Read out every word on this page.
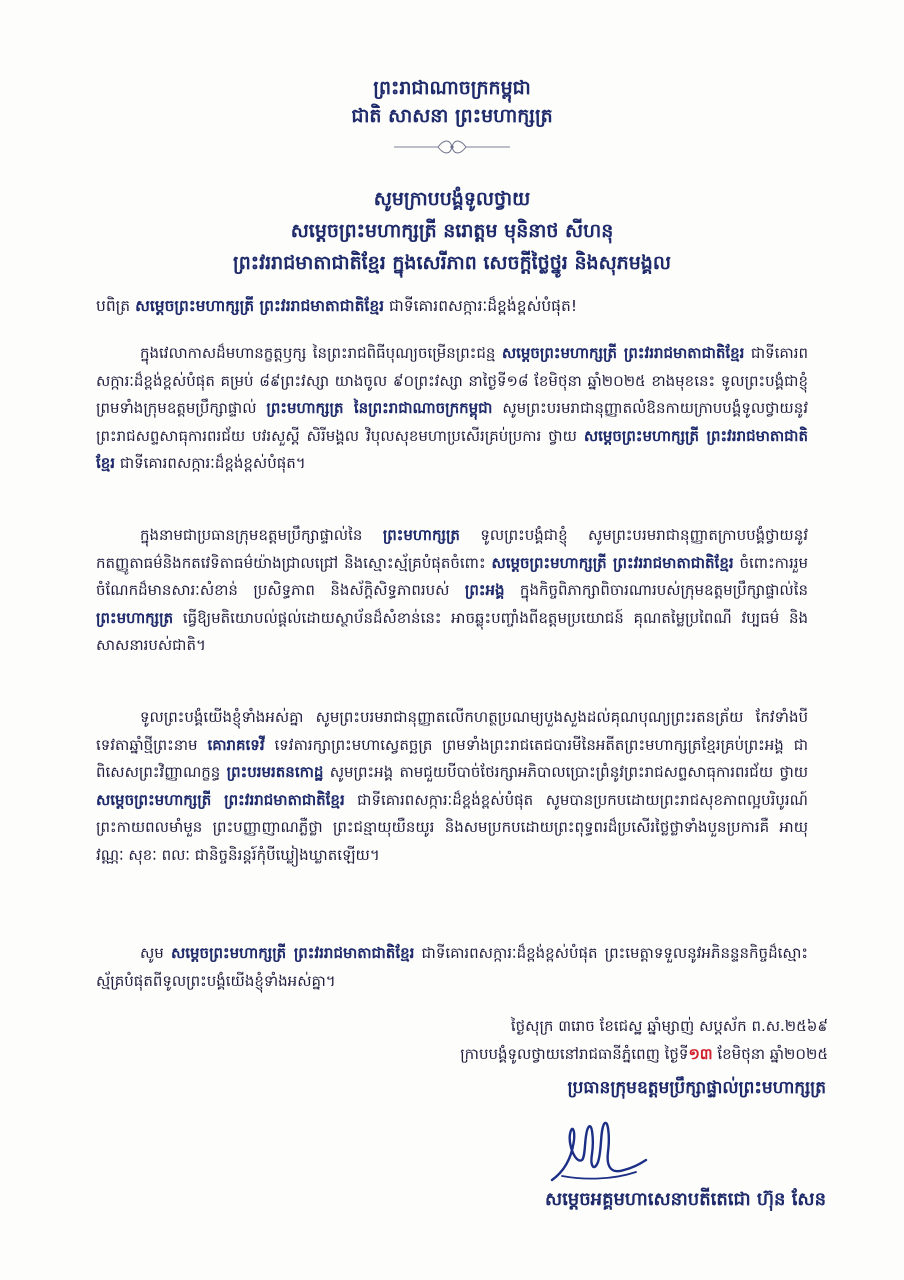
ព្រះរាជាណាចក្រកម្ពុជា
ជាតិ សាសនា ព្រះមហាក្សត្រ
សូមក្រាបបង្គំទូលថ្វាយ
សម្តេចព្រះមហាក្សត្រី នរោត្តម មុនិនាថ សីហនុ
ព្រះវររាជមាតាជាតិខ្មែរ ក្នុងសេរីភាព សេចក្តីថ្លៃថ្នូរ និងសុភមង្គល
បពិត្រ សម្តេចព្រះមហាក្សត្រី ព្រះវររាជមាតាជាតិខ្មែរ ជាទីគោរពសក្ការៈដ៏ខ្ពង់ខ្ពស់បំផុត!
ក្នុងវេលាកាសដ៏មហានក្ខត្តឫក្ស នៃព្រះរាជពិធីបុណ្យចម្រើនព្រះជន្ម សម្តេចព្រះមហាក្សត្រី ព្រះវររាជមាតាជាតិខ្មែរ ជាទីគោរពសក្ការៈដ៏ខ្ពង់ខ្ពស់បំផុត គម្រប់ ៨៩ព្រះវស្សា យាងចូល ៩០ព្រះវស្សា នាថ្ងៃទី១៨ ខែមិថុនា ឆ្នាំ២០២៥ ខាងមុខនេះ ទូលព្រះបង្គំជាខ្ញុំ ព្រមទាំងក្រុមឧត្តមប្រឹក្សាផ្ទាល់ ព្រះមហាក្សត្រ នៃព្រះរាជាណាចក្រកម្ពុជា សូមព្រះបរមរាជានុញ្ញាតលំឱនកាយក្រាបបង្គំទូលថ្វាយនូវព្រះរាជសព្ទសាធុការពរជ័យ បវរសួស្តី សិរីមង្គល វិបុលសុខមហាប្រសើរគ្រប់ប្រការ ថ្វាយ សម្តេចព្រះមហាក្សត្រី ព្រះវររាជមាតាជាតិខ្មែរ ជាទីគោរពសក្ការៈដ៏ខ្ពង់ខ្ពស់បំផុត។
ក្នុងនាមជាប្រធានក្រុមឧត្តមប្រឹក្សាផ្ទាល់នៃ ព្រះមហាក្សត្រ ទូលព្រះបង្គំជាខ្ញុំ សូមព្រះបរមរាជានុញ្ញាតក្រាបបង្គំថ្វាយនូវកតញ្ញូតាធម៌និងកតវេទិតាធម៌យ៉ាងជ្រាលជ្រៅ និងស្មោះស្ម័គ្របំផុតចំពោះ សម្តេចព្រះមហាក្សត្រី ព្រះវររាជមាតាជាតិខ្មែរ ចំពោះការរួមចំណែកដ៏មានសារៈសំខាន់ ប្រសិទ្ធភាព និងស័ក្តិសិទ្ធភាពរបស់ ព្រះអង្គ ក្នុងកិច្ចពិភាក្សាពិចារណារបស់ក្រុមឧត្តមប្រឹក្សាផ្ទាល់នៃ ព្រះមហាក្សត្រ ធ្វើឱ្យមតិយោបល់ផ្តល់ដោយស្ថាប័នដ៏សំខាន់នេះ អាចឆ្លុះបញ្ចាំងពីឧត្តមប្រយោជន៍ គុណតម្លៃប្រពៃណី វប្បធម៌ និងសាសនារបស់ជាតិ។
ទូលព្រះបង្គំយើងខ្ញុំទាំងអស់គ្នា សូមព្រះបរមរាជានុញ្ញាតលើកហត្ថប្រណម្យបួងសួងដល់គុណបុណ្យព្រះរតនត្រ័យ កែវទាំងបី ទេវតាឆ្នាំថ្មីព្រះនាម គោរាគទេវី ទេវតារក្សាព្រះមហាស្វេតច្ឆត្រ ព្រមទាំងព្រះរាជតេជបារមីនៃអតីតព្រះមហាក្សត្រខ្មែរគ្រប់ព្រះអង្គ ជាពិសេសព្រះវិញ្ញាណក្ខន្ធ ព្រះបរមរតនកោដ្ឋ សូមព្រះអង្គ តាមជួយបីបាច់ថែរក្សាអភិបាលប្រោះព្រំនូវព្រះរាជសព្ទសាធុការពរជ័យ ថ្វាយ សម្តេចព្រះមហាក្សត្រី ព្រះវររាជមាតាជាតិខ្មែរ ជាទីគោរពសក្ការៈដ៏ខ្ពង់ខ្ពស់បំផុត សូមបានប្រកបដោយព្រះរាជសុខភាពល្អបរិបូរណ៍ ព្រះកាយពលមាំមួន ព្រះបញ្ញាញាណភ្លឺថ្លា ព្រះជន្មាយុយឺនយូរ និងសមប្រកបដោយព្រះពុទ្ធពរដ៏ប្រសើរថ្លៃថ្លាទាំងបួនប្រការគឺ អាយុ វណ្ណៈ សុខៈ ពលៈ ជានិច្ចនិរន្តរ៍កុំបីឃ្លៀងឃ្លាតឡើយ។
សូម សម្តេចព្រះមហាក្សត្រី ព្រះវររាជមាតាជាតិខ្មែរ ជាទីគោរពសក្ការៈដ៏ខ្ពង់ខ្ពស់បំផុត ព្រះមេត្តាទទួលនូវអភិនន្ទនកិច្ចដ៏ស្មោះស្ម័គ្របំផុតពីទូលព្រះបង្គំយើងខ្ញុំទាំងអស់គ្នា។
ថ្ងៃសុក្រ ៣រោច ខែជេស្ឋ ឆ្នាំម្សាញ់ សប្តស័ក ព.ស.២៥៦៩
ក្រាបបង្គំទូលថ្វាយនៅរាជធានីភ្នំពេញ ថ្ងៃទី១៣ ខែមិថុនា ឆ្នាំ២០២៥
ប្រធានក្រុមឧត្តមប្រឹក្សាផ្ទាល់ព្រះមហាក្សត្រ
សម្តេចអគ្គមហាសេនាបតីតេជោ ហ៊ុន សែន
